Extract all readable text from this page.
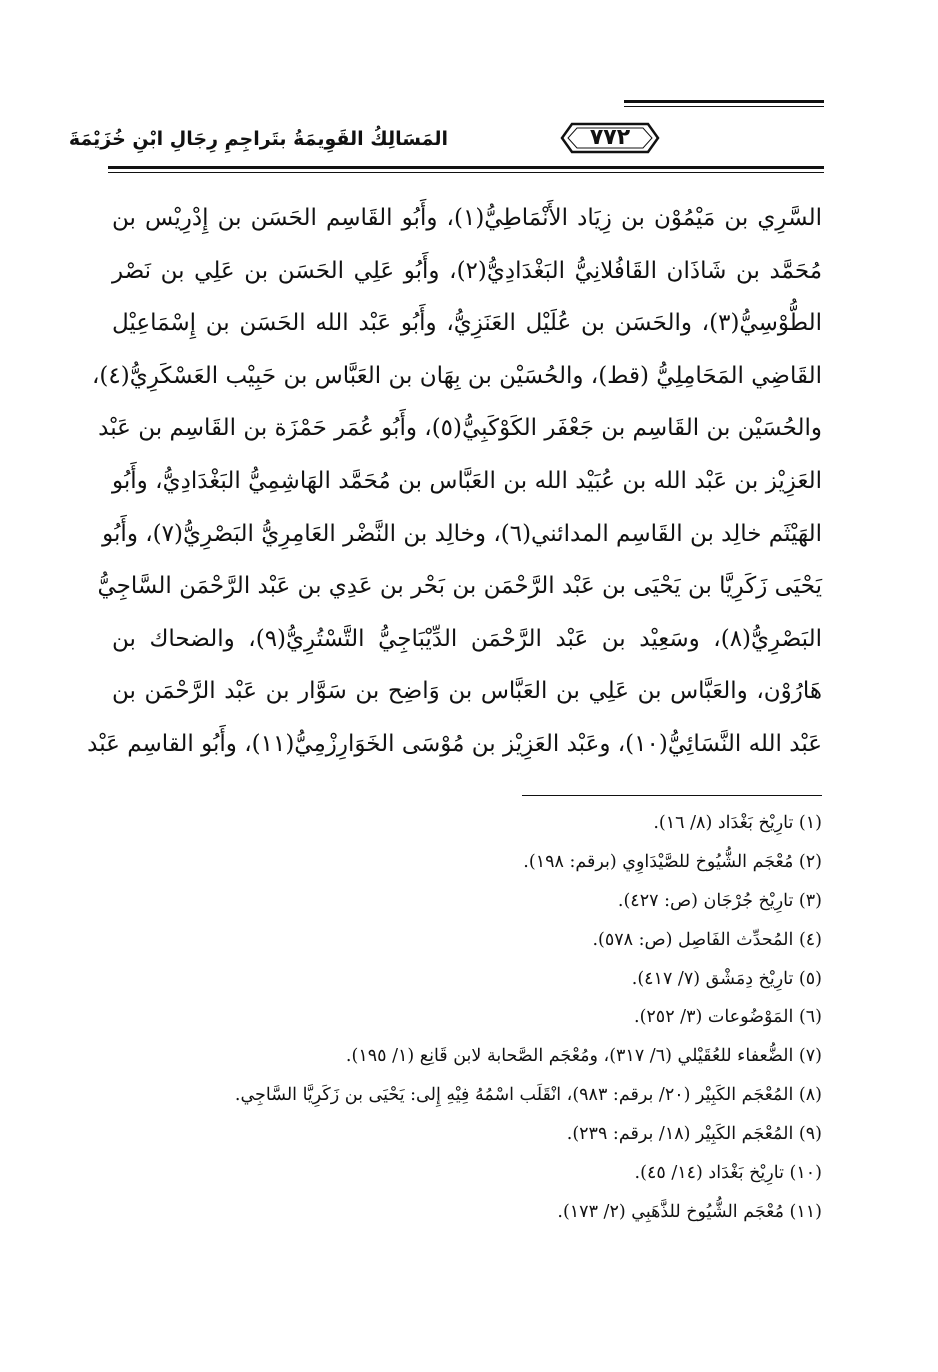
٧٧٢
المَسَالِكُ القَوِيمَةُ بتَراجِمِ رِجَالِ ابْنِ خُزَيْمَةَ
السَّرِي بن مَيْمُوْن بن زِيَاد الأَنْمَاطِيُّ(١)، وأَبُو القَاسِم الحَسَن بن إِدْرِيْس بن
مُحَمَّد بن شَاذَان القَافُلانِيُّ البَغْدَادِيُّ(٢)، وأَبُو عَلِي الحَسَن بن عَلِي بن نَصْر
الطُّوْسِيُّ(٣)، والحَسَن بن عُلَيْل العَنَزِيُّ، وأَبُو عَبْد الله الحَسَن بن إِسْمَاعِيْل
القَاضِي المَحَامِلِيُّ (قط)، والحُسَيْن بن بِهَان بن العَبَّاس بن حَبِيْب العَسْكَرِيُّ(٤)،
والحُسَيْن بن القَاسِم بن جَعْفَر الكَوْكَبِيُّ(٥)، وأَبُو عُمَر حَمْزَة بن القَاسِم بن عَبْد
العَزِيْز بن عَبْد الله بن عُبَيْد الله بن العَبَّاس بن مُحَمَّد الهَاشِمِيُّ البَغْدَادِيُّ، وأَبُو
الهَيْثَم خالِد بن القَاسِم المدائني(٦)، وخالِد بن النَّضْر العَامِرِيُّ البَصْرِيُّ(٧)، وأَبُو
يَحْيَى زَكَرِيَّا بن يَحْيَى بن عَبْد الرَّحْمَن بن بَحْر بن عَدِي بن عَبْد الرَّحْمَن السَّاجِيُّ
البَصْرِيُّ(٨)، وسَعِيْد بن عَبْد الرَّحْمَن الدِّيْبَاجِيُّ التَّسْتُرِيُّ(٩)، والضحاك بن
هَارُوْن، والعَبَّاس بن عَلِي بن العَبَّاس بن وَاضِح بن سَوَّار بن عَبْد الرَّحْمَن بن
عَبْد الله النَّسَائِيُّ(١٠)، وعَبْد العَزِيْز بن مُوْسَى الخَوَارِزْمِيُّ(١١)، وأَبُو القاسِم عَبْد
(١) تارِيْخ بَغْدَاد (٨/ ١٦).
(٢) مُعْجَم الشُّيُوخ للصَّيْدَاوِي (برقم: ١٩٨).
(٣) تارِيْخ جُرْجَان (ص: ٤٢٧).
(٤) المُحدِّث الفَاصِل (ص: ٥٧٨).
(٥) تارِيْخ دِمَشْق (٧/ ٤١٧).
(٦) المَوْضُوعات (٣/ ٢٥٢).
(٧) الضُّعفاء للعُقَيْلي (٦/ ٣١٧)، ومُعْجَم الصَّحابة لابن قَانِع (١/ ١٩٥).
(٨) المُعْجَم الكَبِيْر (٢٠/ برقم: ٩٨٣)، انْقَلَب اسْمُهُ فِيْهِ إِلى: يَحْيَى بن زَكَرِيَّا السَّاجِي.
(٩) المُعْجَم الكَبِيْر (١٨/ برقم: ٢٣٩).
(١٠) تارِيْخ بَغْدَاد (١٤/ ٤٥).
(١١) مُعْجَم الشُّيُوخ للذَّهَبِي (٢/ ١٧٣).
